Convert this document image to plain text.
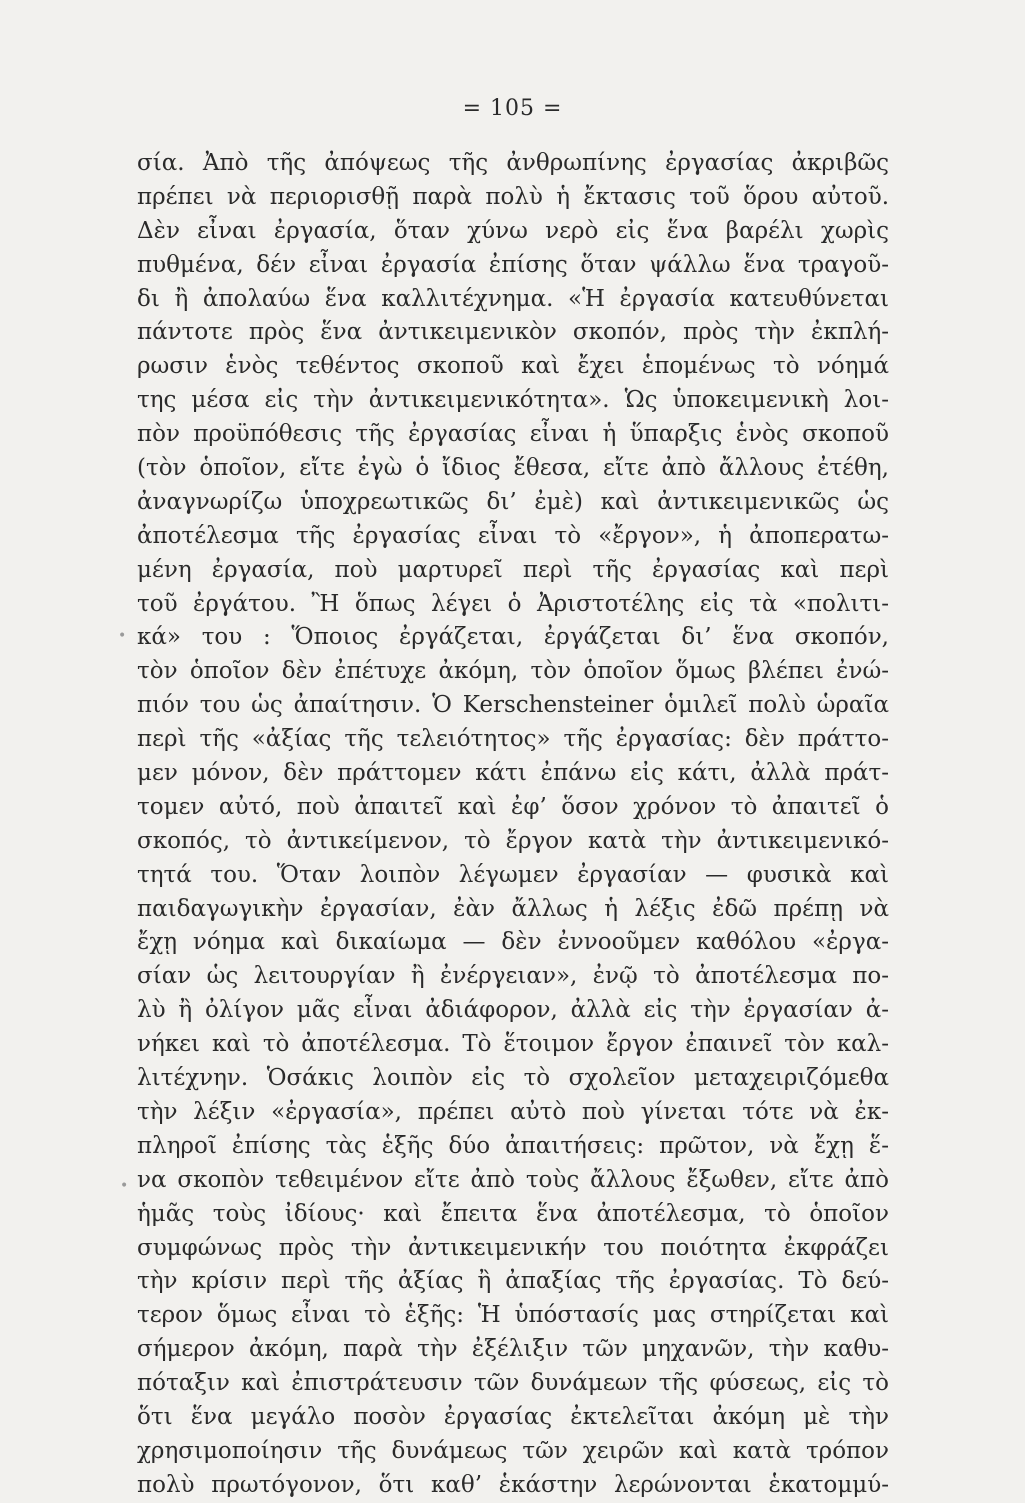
= 105 =
σία. Ἀπὸ τῆς ἀπόψεως τῆς ἀνθρωπίνης ἐργασίας ἀκριβῶς
πρέπει νὰ περιορισθῇ παρὰ πολὺ ἡ ἔκτασις τοῦ ὅρου αὐτοῦ.
Δὲν εἶναι ἐργασία, ὅταν χύνω νερὸ εἰς ἕνα βαρέλι χωρὶς
πυθμένα, δέν εἶναι ἐργασία ἐπίσης ὅταν ψάλλω ἕνα τραγοῦ-
δι ἢ ἀπολαύω ἕνα καλλιτέχνημα. «Ἡ ἐργασία κατευθύνεται
πάντοτε πρὸς ἕνα ἀντικειμενικὸν σκοπόν, πρὸς τὴν ἐκπλή-
ρωσιν ἑνὸς τεθέντος σκοποῦ καὶ ἔχει ἑπομένως τὸ νόημά
της μέσα εἰς τὴν ἀντικειμενικότητα». Ὡς ὑποκειμενικὴ λοι-
πὸν προϋπόθεσις τῆς ἐργασίας εἶναι ἡ ὕπαρξις ἑνὸς σκοποῦ
(τὸν ὁποῖον, εἴτε ἐγὼ ὁ ἴδιος ἔθεσα, εἴτε ἀπὸ ἄλλους ἐτέθη,
ἀναγνωρίζω ὑποχρεωτικῶς δι’ ἐμὲ) καὶ ἀντικειμενικῶς ὡς
ἀποτέλεσμα τῆς ἐργασίας εἶναι τὸ «ἔργον», ἡ ἀποπερατω-
μένη ἐργασία, ποὺ μαρτυρεῖ περὶ τῆς ἐργασίας καὶ περὶ
τοῦ ἐργάτου. Ἢ ὅπως λέγει ὁ Ἀριστοτέλης εἰς τὰ «πολιτι-
κά» του : Ὅποιος ἐργάζεται, ἐργάζεται δι’ ἕνα σκοπόν,
τὸν ὁποῖον δὲν ἐπέτυχε ἀκόμη, τὸν ὁποῖον ὅμως βλέπει ἐνώ-
πιόν του ὡς ἀπαίτησιν. Ὁ Kerschensteiner ὁμιλεῖ πολὺ ὡραῖα
περὶ τῆς «ἀξίας τῆς τελειότητος» τῆς ἐργασίας: δὲν πράττο-
μεν μόνον, δὲν πράττομεν κάτι ἐπάνω εἰς κάτι, ἀλλὰ πράτ-
τομεν αὐτό, ποὺ ἀπαιτεῖ καὶ ἐφ’ ὅσον χρόνον τὸ ἀπαιτεῖ ὁ
σκοπός, τὸ ἀντικείμενον, τὸ ἔργον κατὰ τὴν ἀντικειμενικό-
τητά του. Ὅταν λοιπὸν λέγωμεν ἐργασίαν — φυσικὰ καὶ
παιδαγωγικὴν ἐργασίαν, ἐὰν ἄλλως ἡ λέξις ἐδῶ πρέπῃ νὰ
ἔχῃ νόημα καὶ δικαίωμα — δὲν ἐννοοῦμεν καθόλου «ἐργα-
σίαν ὡς λειτουργίαν ἢ ἐνέργειαν», ἐνῷ τὸ ἀποτέλεσμα πο-
λὺ ἢ ὀλίγον μᾶς εἶναι ἀδιάφορον, ἀλλὰ εἰς τὴν ἐργασίαν ἀ-
νήκει καὶ τὸ ἀποτέλεσμα. Τὸ ἕτοιμον ἔργον ἐπαινεῖ τὸν καλ-
λιτέχνην. Ὁσάκις λοιπὸν εἰς τὸ σχολεῖον μεταχειριζόμεθα
τὴν λέξιν «ἐργασία», πρέπει αὐτὸ ποὺ γίνεται τότε νὰ ἐκ-
πληροῖ ἐπίσης τὰς ἑξῆς δύο ἀπαιτήσεις: πρῶτον, νὰ ἔχῃ ἕ-
να σκοπὸν τεθειμένον εἴτε ἀπὸ τοὺς ἄλλους ἔξωθεν, εἴτε ἀπὸ
ἡμᾶς τοὺς ἰδίους· καὶ ἔπειτα ἕνα ἀποτέλεσμα, τὸ ὁποῖον
συμφώνως πρὸς τὴν ἀντικειμενικήν του ποιότητα ἐκφράζει
τὴν κρίσιν περὶ τῆς ἀξίας ἢ ἀπαξίας τῆς ἐργασίας. Τὸ δεύ-
τερον ὅμως εἶναι τὸ ἑξῆς: Ἡ ὑπόστασίς μας στηρίζεται καὶ
σήμερον ἀκόμη, παρὰ τὴν ἐξέλιξιν τῶν μηχανῶν, τὴν καθυ-
πόταξιν καὶ ἐπιστράτευσιν τῶν δυνάμεων τῆς φύσεως, εἰς τὸ
ὅτι ἕνα μεγάλο ποσὸν ἐργασίας ἐκτελεῖται ἀκόμη μὲ τὴν
χρησιμοποίησιν τῆς δυνάμεως τῶν χειρῶν καὶ κατὰ τρόπον
πολὺ πρωτόγονον, ὅτι καθ’ ἑκάστην λερώνονται ἑκατομμύ-
•
•
